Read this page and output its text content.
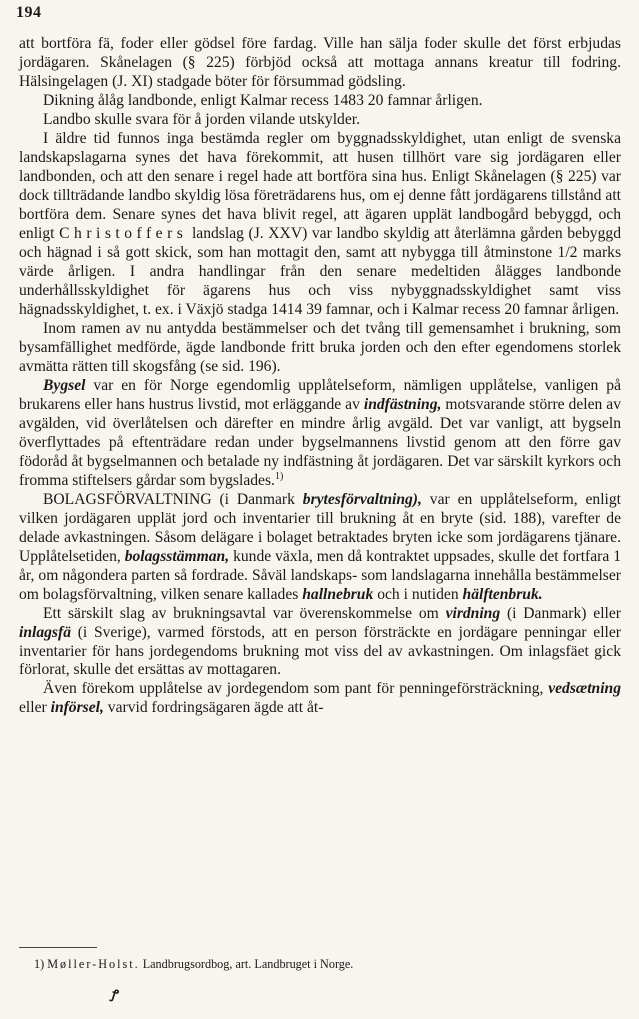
194

att bortföra fä, foder eller gödsel före fardag. Ville han sälja foder skulle det först erbjudas jordägaren. Skånelagen (§ 225) förbjöd också att mottaga annans kreatur till fodring. Hälsingelagen (J. XI) stadgade böter för försummad gödsling.

Dikning ålåg landbonde, enligt Kalmar recess 1483 20 famnar årligen.

Landbo skulle svara för å jorden vilande utskylder.

I äldre tid funnos inga bestämda regler om byggnadsskyldighet, utan enligt de svenska landskapslagarna synes det hava förekommit, att husen tillhört vare sig jordägaren eller landbonden, och att den senare i regel hade att bortföra sina hus. Enligt Skånelagen (§ 225) var dock tillträdande landbo skyldig lösa företrädarens hus, om ej denne fått jordägarens tillstånd att bortföra dem. Senare synes det hava blivit regel, att ägaren upplät landbogård bebyggd, och enligt Christoffers landslag (J. XXV) var landbo skyldig att återlämna gården bebyggd och hägnad i så gott skick, som han mottagit den, samt att nybygga till åtminstone 1/2 marks värde årligen. I andra handlingar från den senare medeltiden ålägges landbonde underhållsskyldighet för ägarens hus och viss nybyggnadsskyldighet samt viss hägnadsskyldighet, t. ex. i Växjö stadga 1414 39 famnar, och i Kalmar recess 20 famnar årligen.

Inom ramen av nu antydda bestämmelser och det tvång till gemensamhet i brukning, som bysamfällighet medförde, ägde landbonde fritt bruka jorden och den efter egendomens storlek avmätta rätten till skogsfång (se sid. 196).

Bygsel var en för Norge egendomlig upplåtelseform, nämligen upplåtelse, vanligen på brukarens eller hans hustrus livstid, mot erläggande av indfästning, motsvarande större delen av avgälden, vid överlåtelsen och därefter en mindre årlig avgäld. Det var vanligt, att bygseln överflyttades på eftenträdare redan under bygselmannens livstid genom att den förre gav födoråd åt bygselmannen och betalade ny indfästning åt jordägaren. Det var särskilt kyrkors och fromma stiftelsers gårdar som bygslades.$^{1)}$

BOLAGSFÖRVALTNING (i Danmark brytesförvaltning), var en upplåtelseform, enligt vilken jordägaren upplät jord och inventarier till brukning åt en bryte (sid. 188), varefter de delade avkastningen. Såsom delägare i bolaget betraktades bryten icke som jordägarens tjänare. Upplåtelsetiden, bolagsstämman, kunde växla, men då kontraktet uppsades, skulle det fortfara 1 år, om någondera parten så fordrade. Såväl landskaps- som landslagarna innehålla bestämmelser om bolagsförvaltning, vilken senare kallades hallnebruk och i nutiden hälftenbruk.

Ett särskilt slag av brukningsavtal var överenskommelse om virdning (i Danmark) eller inlagsfä (i Sverige), varmed förstods, att en person försträckte en jordägare penningar eller inventarier för hans jordegendoms brukning mot viss del av avkastningen. Om inlagsfäet gick förlorat, skulle det ersättas av mottagaren.

Även förekom upplåtelse av jordegendom som pant för penningeförsträckning, vedsætning eller införsel, varvid fordringsägaren ägde att åt-

1) Møller-Holst. Landbrugsordbog, art. Landbruget i Norge.
ꝭ
